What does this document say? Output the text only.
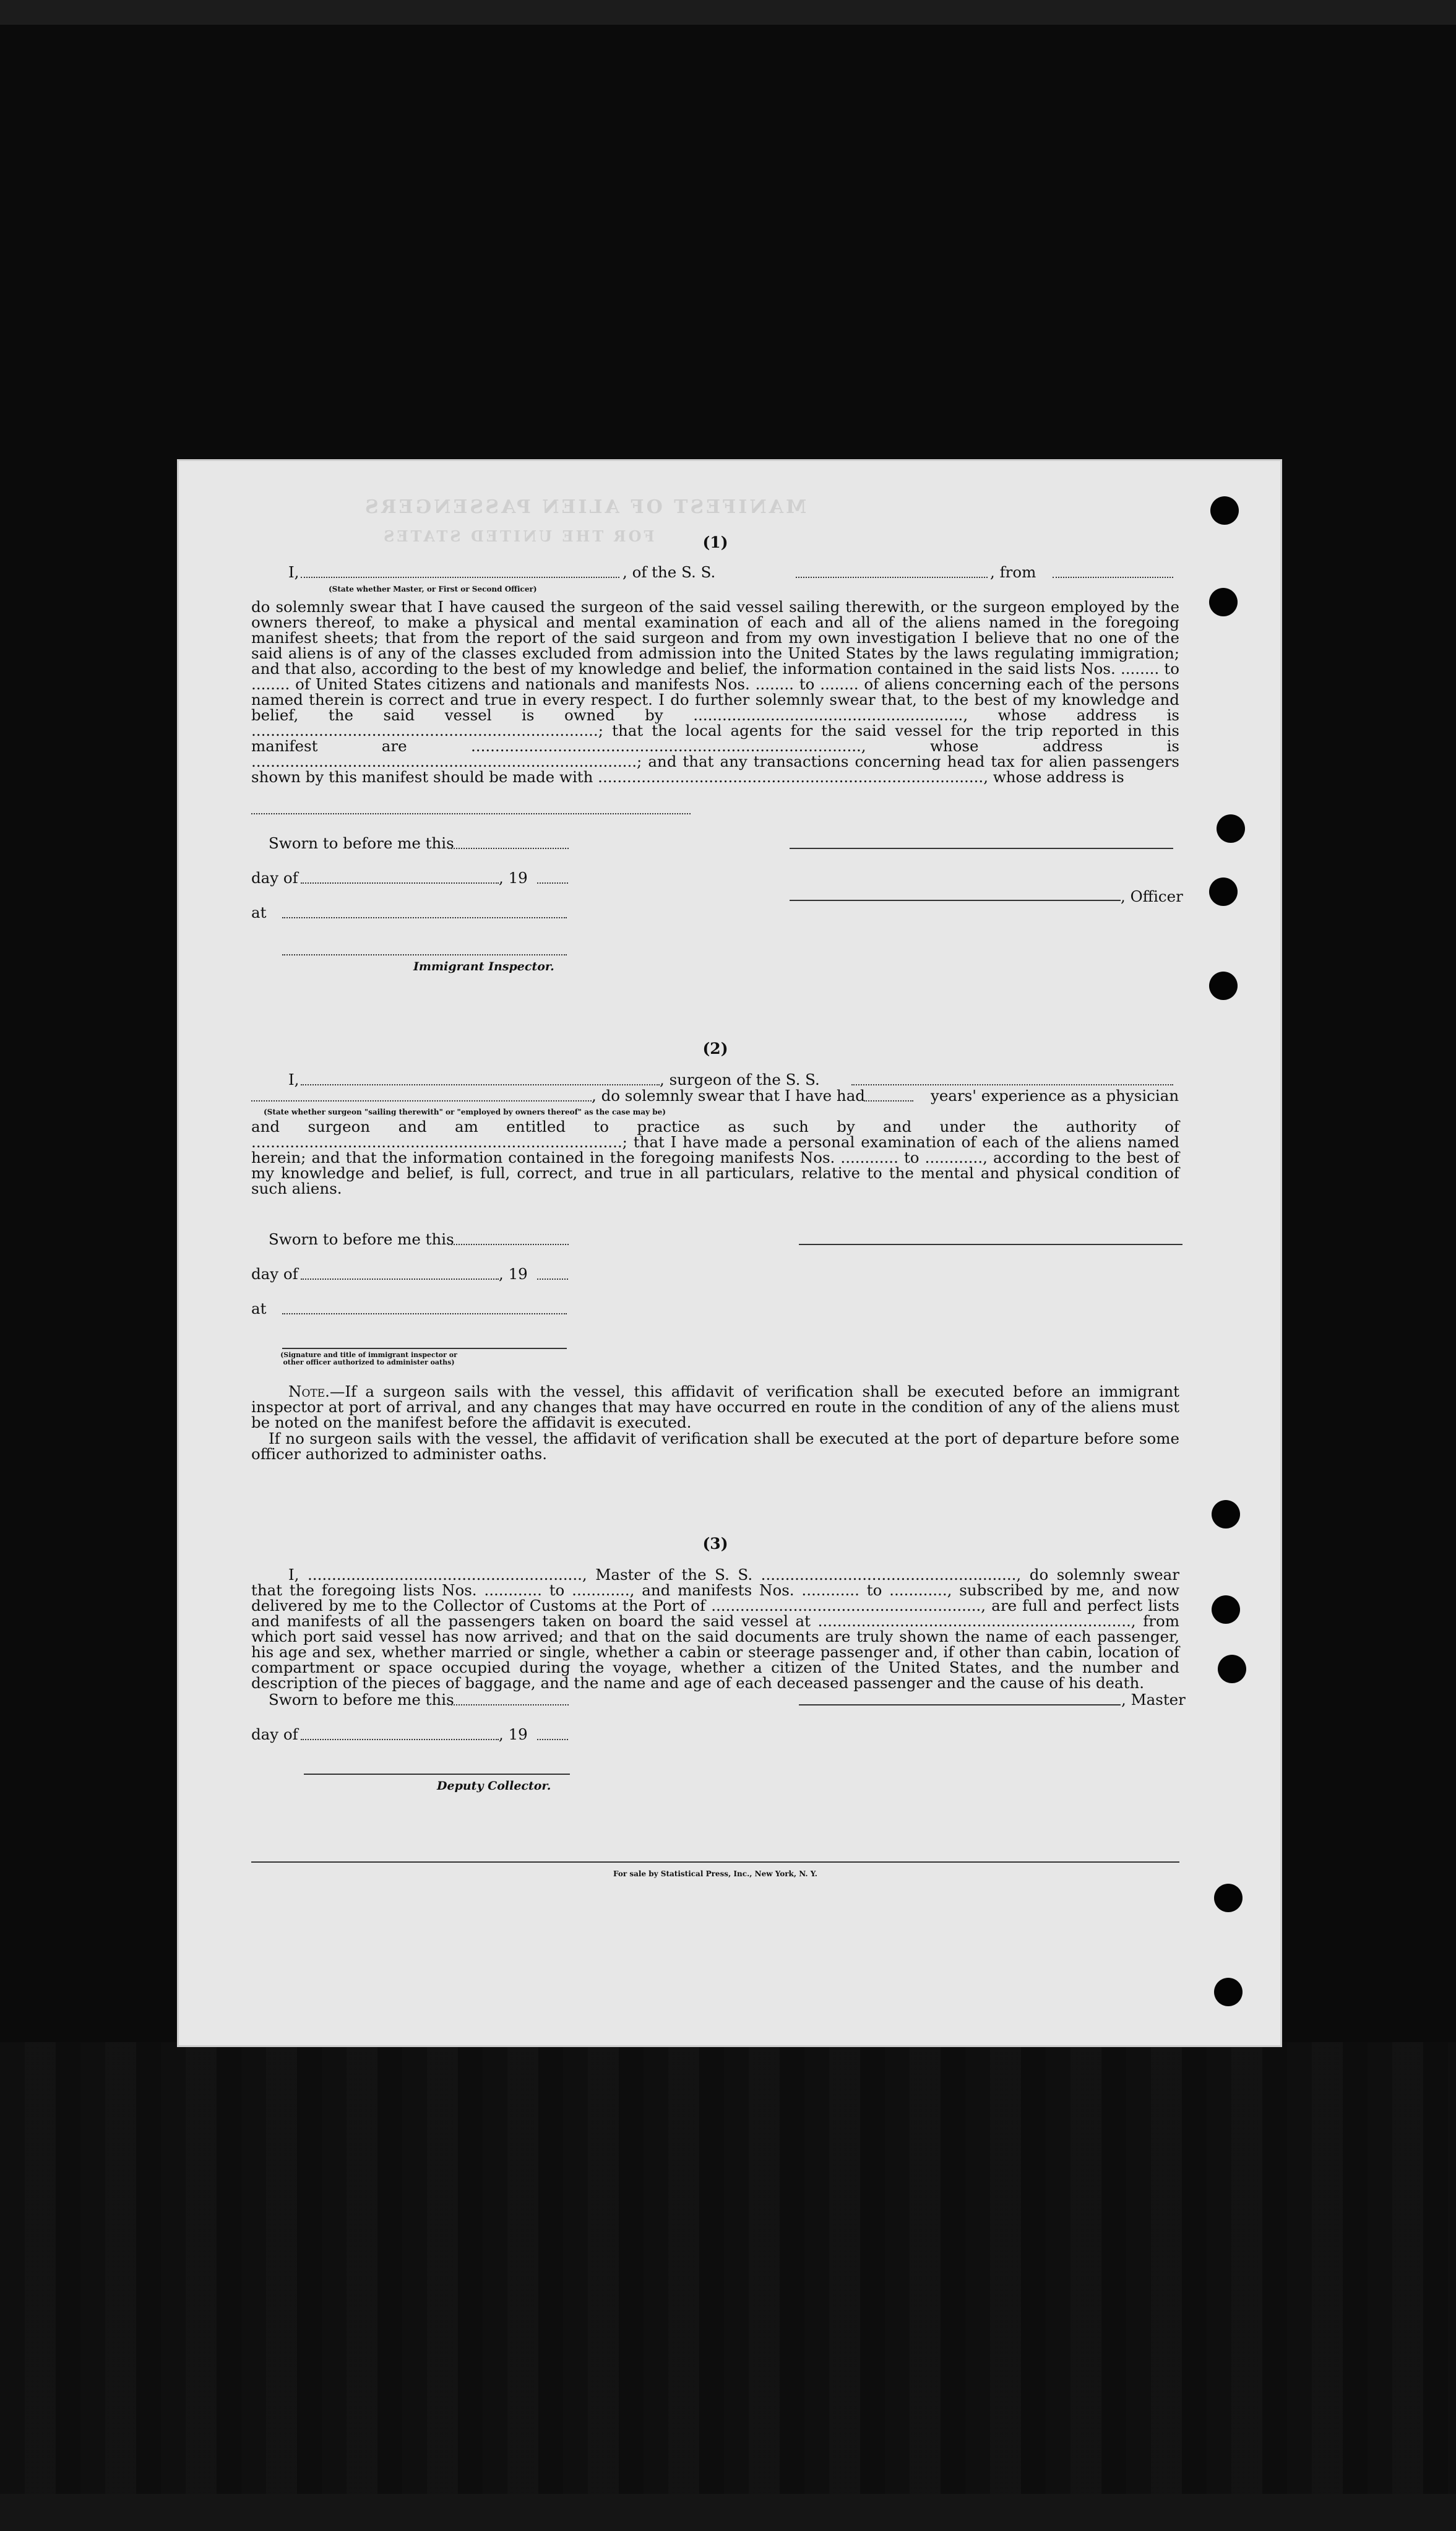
MANIFEST OF ALIEN PASSENGERS
FOR THE UNITED STATES	(1)
I,
(State whether Master, or First or Second Officer)
, of the S. S.	, from
do solemnly swear that I have caused the surgeon of the said vessel sailing therewith, or the surgeon employed by the owners thereof, to make a physical and mental examination of each and all of the aliens named in the foregoing manifest sheets; that from the report of the said surgeon and from my own investigation I believe that no one of the said aliens is of any of the classes excluded from admission into the United States by the laws regulating immigration; and that also, according to the best of my knowledge and belief, the information contained in the said lists Nos. ........ to ........ of United States citizens and nationals and manifests Nos. ........ to ........ of aliens concerning each of the persons named therein is correct and true in every respect. I do further solemnly swear that, to the best of my knowledge and belief, the said vessel is owned by ........................................................, whose address is ........................................................................; that the local agents for the said vessel for the trip reported in this manifest are ................................................................................., whose address is ................................................................................; and that any transactions concerning head tax for alien passengers shown by this manifest should be made with ................................................................................, whose address is
Sworn to before me this
day of	, 19
, Officer
at
Immigrant Inspector.
(2)
I,	, surgeon of the S. S.
, do solemnly swear that I have had	years' experience as a physician
(State whether surgeon "sailing therewith" or "employed by owners thereof" as the case may be)
and surgeon and am entitled to practice as such by and under the authority of .............................................................................; that I have made a personal examination of each of the aliens named herein; and that the information contained in the foregoing manifests Nos. ............ to ............, according to the best of my knowledge and belief, is full, correct, and true in all particulars, relative to the mental and physical condition of such aliens.
Sworn to before me this
day of	, 19
at
(Signature and title of immigrant inspector or other officer authorized to administer oaths)
Note.—If a surgeon sails with the vessel, this affidavit of verification shall be executed before an immigrant inspector at port of arrival, and any changes that may have occurred en route in the condition of any of the aliens must be noted on the manifest before the affidavit is executed.
If no surgeon sails with the vessel, the affidavit of verification shall be executed at the port of departure before some officer authorized to administer oaths.
(3)
I, ........................................................., Master of the S. S. ....................................................., do solemnly swear that the foregoing lists Nos. ............ to ............, and manifests Nos. ............ to ............, subscribed by me, and now delivered by me to the Collector of Customs at the Port of ........................................................, are full and perfect lists and manifests of all the passengers taken on board the said vessel at ................................................................., from which port said vessel has now arrived; and that on the said documents are truly shown the name of each passenger, his age and sex, whether married or single, whether a cabin or steerage passenger and, if other than cabin, location of compartment or space occupied during the voyage, whether a citizen of the United States, and the number and description of the pieces of baggage, and the name and age of each deceased passenger and the cause of his death.
Sworn to before me this	, Master
day of	, 19
Deputy Collector.
For sale by Statistical Press, Inc., New York, N. Y.
